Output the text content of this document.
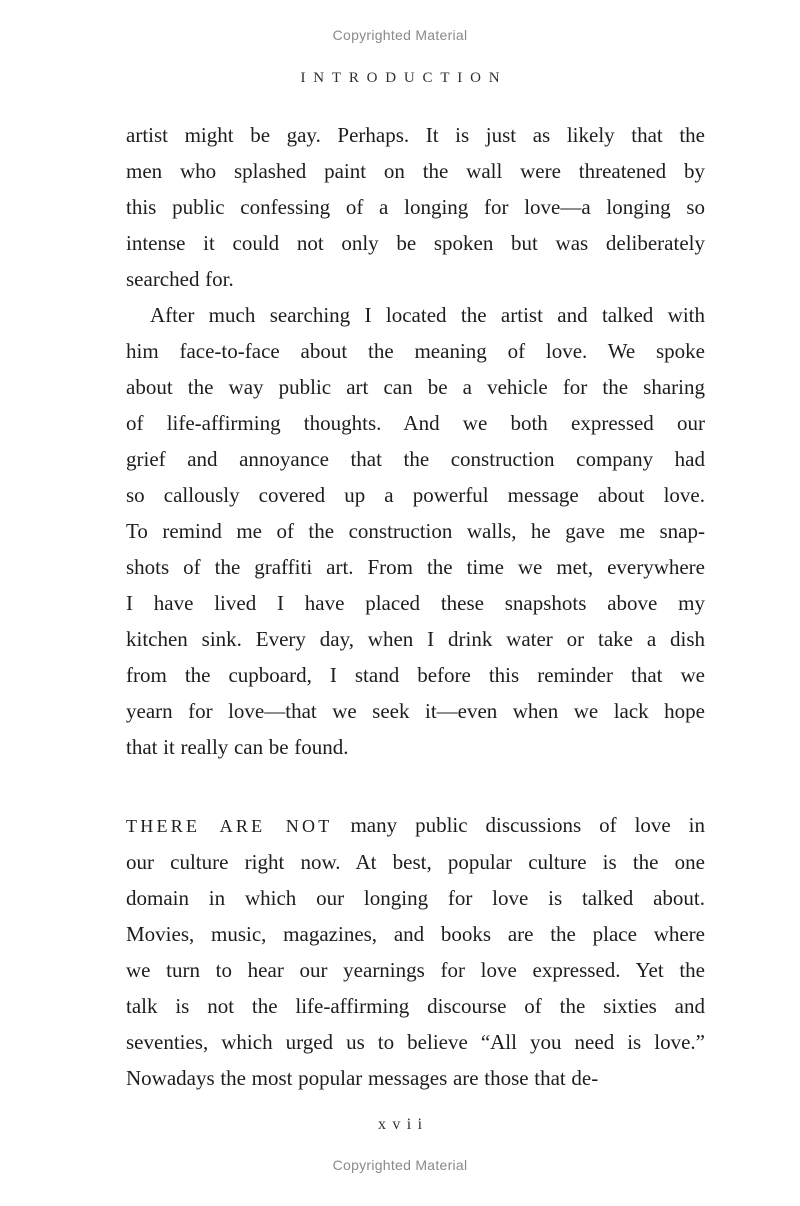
Copyrighted Material
INTRODUCTION
artist might be gay. Perhaps. It is just as likely that the
men who splashed paint on the wall were threatened by
this public confessing of a longing for love—a longing so
intense it could not only be spoken but was deliberately
searched for.
After much searching I located the artist and talked with
him face-to-face about the meaning of love. We spoke
about the way public art can be a vehicle for the sharing
of life-affirming thoughts. And we both expressed our
grief and annoyance that the construction company had
so callously covered up a powerful message about love.
To remind me of the construction walls, he gave me snap-
shots of the graffiti art. From the time we met, everywhere
I have lived I have placed these snapshots above my
kitchen sink. Every day, when I drink water or take a dish
from the cupboard, I stand before this reminder that we
yearn for love—that we seek it—even when we lack hope
that it really can be found.
THERE ARE NOT many public discussions of love in
our culture right now. At best, popular culture is the one
domain in which our longing for love is talked about.
Movies, music, magazines, and books are the place where
we turn to hear our yearnings for love expressed. Yet the
talk is not the life-affirming discourse of the sixties and
seventies, which urged us to believe “All you need is love.”
Nowadays the most popular messages are those that de-
xvii
Copyrighted Material
